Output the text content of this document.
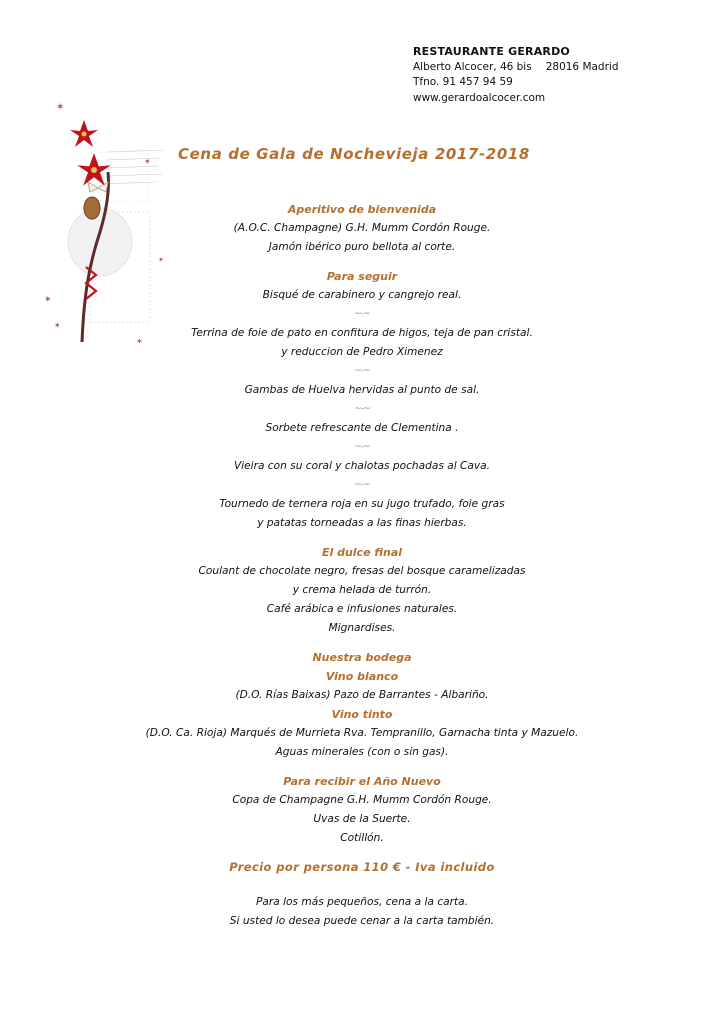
RESTAURANTE GERARDO
Alberto Alcocer, 46 bis 28016 Madrid
Tfno. 91 457 94 59
www.gerardoalcocer.com
✶
✶
✶
✶
✶
✶	Cena de Gala de Nochevieja 2017-2018
Aperitivo de bienvenida
(A.O.C. Champagne) G.H. Mumm Cordón Rouge.
Jamón ibérico puro bellota al corte.
Para seguir
Bisqué de carabinero y cangrejo real.
~-~
Terrina de foie de pato en confitura de higos, teja de pan cristal.
y reduccion de Pedro Ximenez
~-~
Gambas de Huelva hervidas al punto de sal.
~-~
Sorbete refrescante de Clementina .
~-~
Vieira con su coral y chalotas pochadas al Cava.
~-~
Tournedo de ternera roja en su jugo trufado, foie gras
y patatas torneadas a las finas hierbas.
El dulce final
Coulant de chocolate negro, fresas del bosque caramelizadas
y crema helada de turrón.
Café arábica e infusiones naturales.
Mignardises.
Nuestra bodega
Vino blanco
(D.O. Rías Baixas) Pazo de Barrantes - Albariño.
Vino tinto
(D.O. Ca. Rioja) Marqués de Murrieta Rva. Tempranillo, Garnacha tinta y Mazuelo.
Aguas minerales (con o sin gas).
Para recibir el Año Nuevo
Copa de Champagne G.H. Mumm Cordón Rouge.
Uvas de la Suerte.
Cotillón.
Precio por persona 110 € - Iva incluido
Para los más pequeños, cena a la carta.
Si usted lo desea puede cenar a la carta también.
